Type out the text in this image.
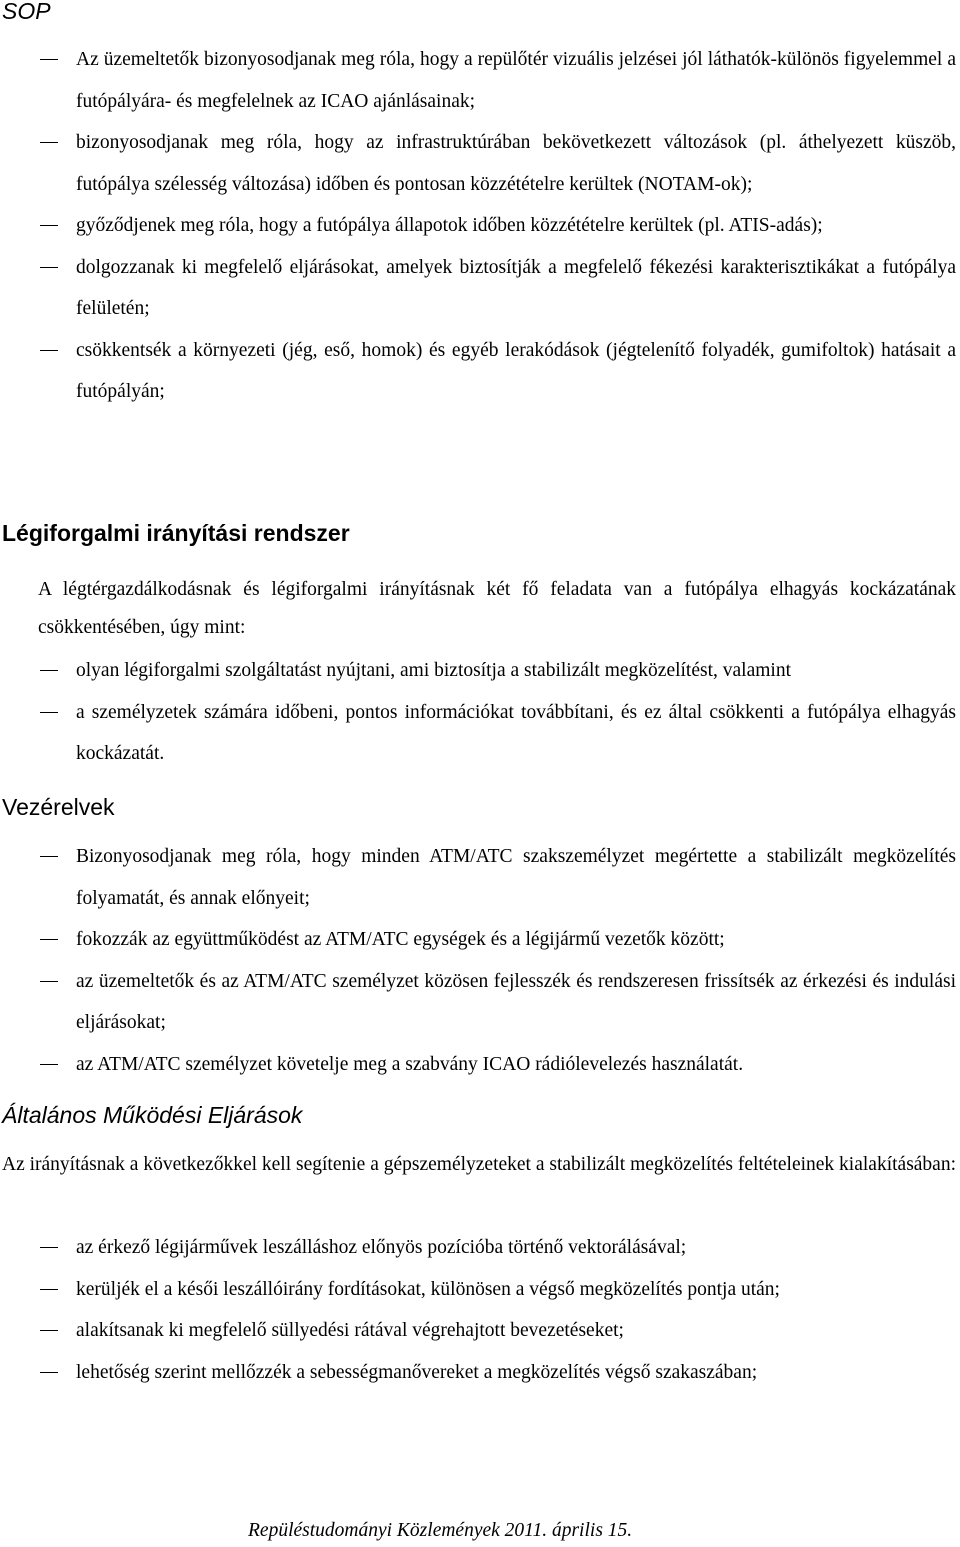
SOP
Az üzemeltetők bizonyosodjanak meg róla, hogy a repülőtér vizuális jelzései jól láthatók-különös figyelemmel a futópályára- és megfelelnek az ICAO ajánlásainak;
bizonyosodjanak meg róla, hogy az infrastruktúrában bekövetkezett változások (pl. áthelyezett küszöb, futópálya szélesség változása) időben és pontosan közzétételre kerültek (NOTAM-ok);
győződjenek meg róla, hogy a futópálya állapotok időben közzétételre kerültek (pl. ATIS-adás);
dolgozzanak ki megfelelő eljárásokat, amelyek biztosítják a megfelelő fékezési karakterisztikákat a futópálya felületén;
csökkentsék a környezeti (jég, eső, homok) és egyéb lerakódások (jégtelenítő folyadék, gumifoltok) hatásait a futópályán;
Légiforgalmi irányítási rendszer

A légtérgazdálkodásnak és légiforgalmi irányításnak két fő feladata van a futópálya elhagyás kockázatának csökkentésében, úgy mint:

olyan légiforgalmi szolgáltatást nyújtani, ami biztosítja a stabilizált megközelítést, valamint
a személyzetek számára időbeni, pontos információkat továbbítani, és ez által csökkenti a futópálya elhagyás kockázatát.
Vezérelvek
Bizonyosodjanak meg róla, hogy minden ATM/ATC szakszemélyzet megértette a stabilizált megközelítés folyamatát, és annak előnyeit;
fokozzák az együttműködést az ATM/ATC egységek és a légijármű vezetők között;
az üzemeltetők és az ATM/ATC személyzet közösen fejlesszék és rendszeresen frissítsék az érkezési és indulási eljárásokat;
az ATM/ATC személyzet követelje meg a szabvány ICAO rádiólevelezés használatát.
Általános Működési Eljárások

Az irányításnak a következőkkel kell segítenie a gépszemélyzeteket a stabilizált megközelítés feltételeinek kialakításában:

az érkező légijárművek leszálláshoz előnyös pozícióba történő vektorálásával;
kerüljék el a késői leszállóirány fordításokat, különösen a végső megközelítés pontja után;
alakítsanak ki megfelelő süllyedési rátával végrehajtott bevezetéseket;
lehetőség szerint mellőzzék a sebességmanővereket a megközelítés végső szakaszában;

Repüléstudományi Közlemények 2011. április 15.
